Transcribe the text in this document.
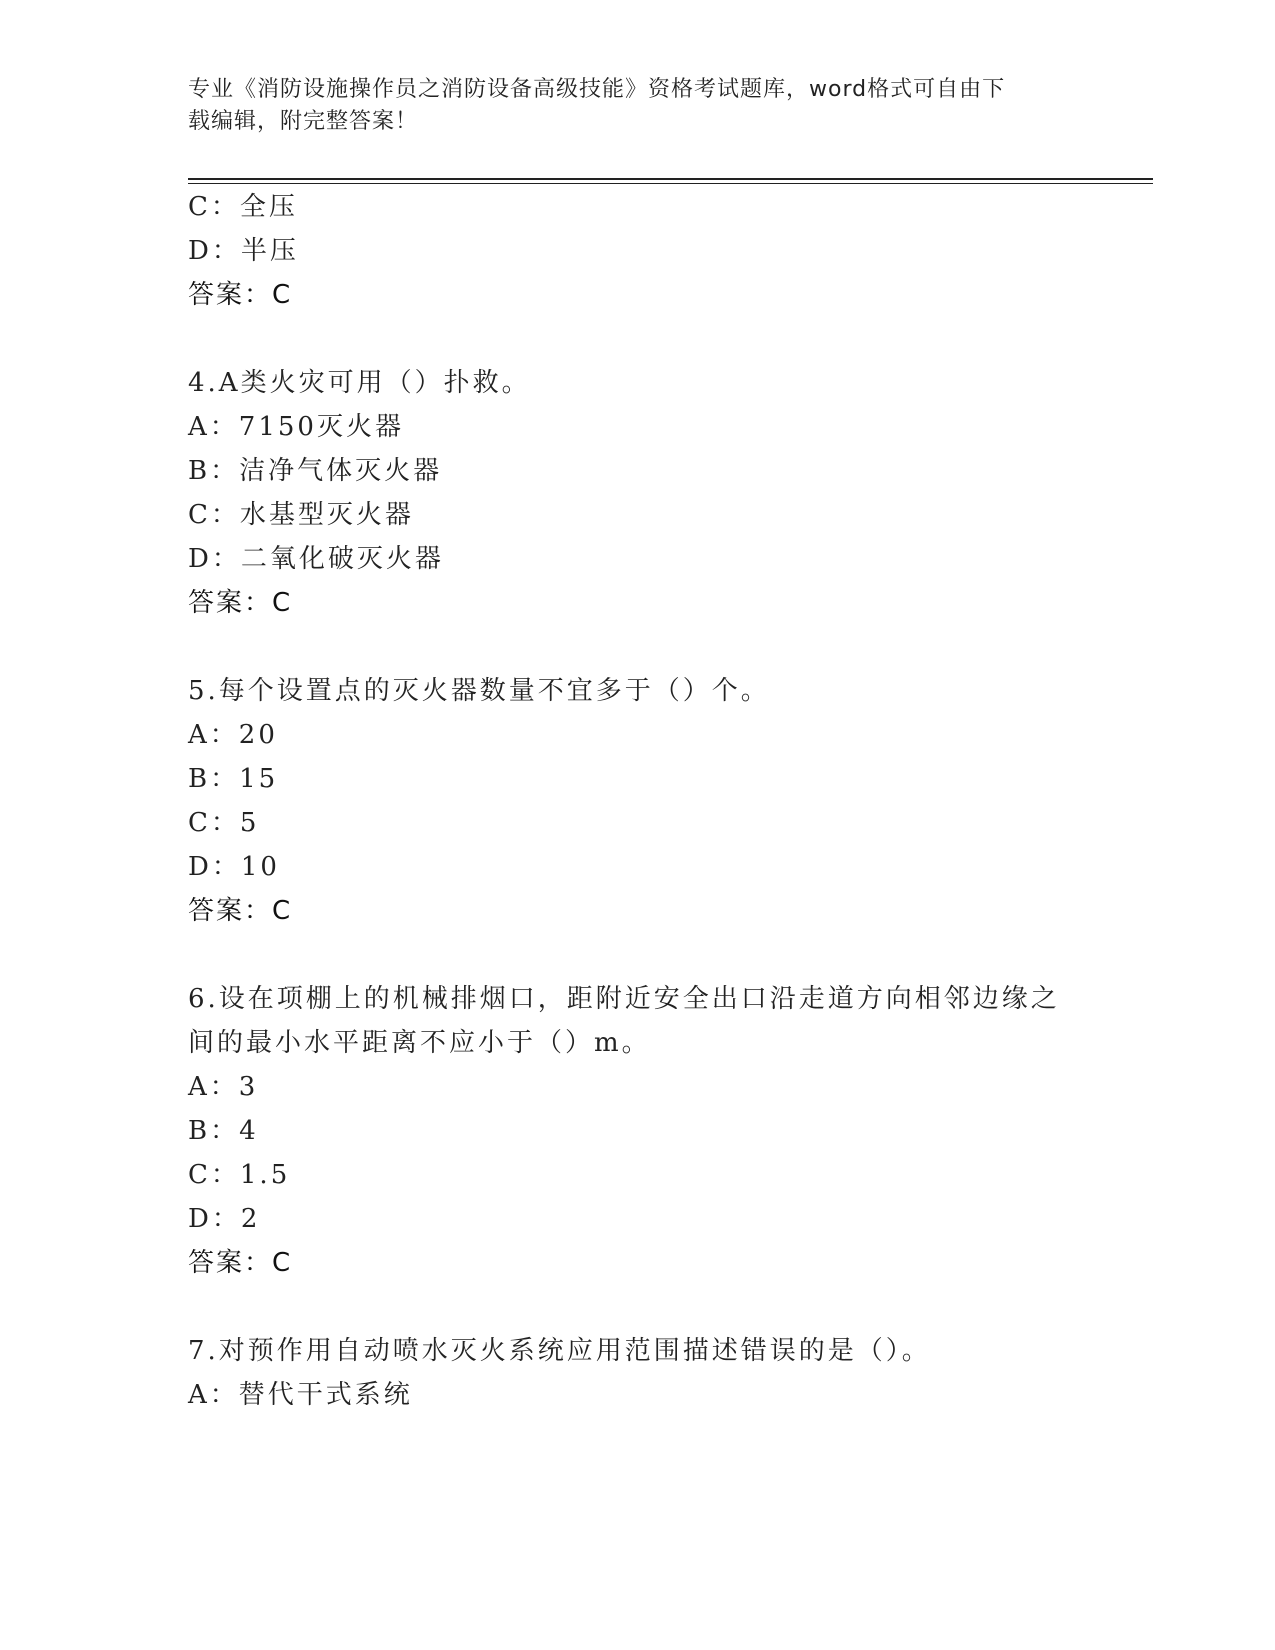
专业《消防设施操作员之消防设备高级技能》资格考试题库，word格式可自由下
载编辑，附完整答案！
C：全压
D：半压
答案：C
4.A类火灾可用（）扑救。
A：7150灭火器
B：洁净气体灭火器
C：水基型灭火器
D：二氧化破灭火器
答案：C
5.每个设置点的灭火器数量不宜多于（）个。
A：20
B：15
C：5
D：10
答案：C
6.设在项棚上的机械排烟口，距附近安全出口沿走道方向相邻边缘之
间的最小水平距离不应小于（）m。
A：3
B：4
C：1.5
D：2
答案：C
7.对预作用自动喷水灭火系统应用范围描述错误的是（）。
A：替代干式系统
